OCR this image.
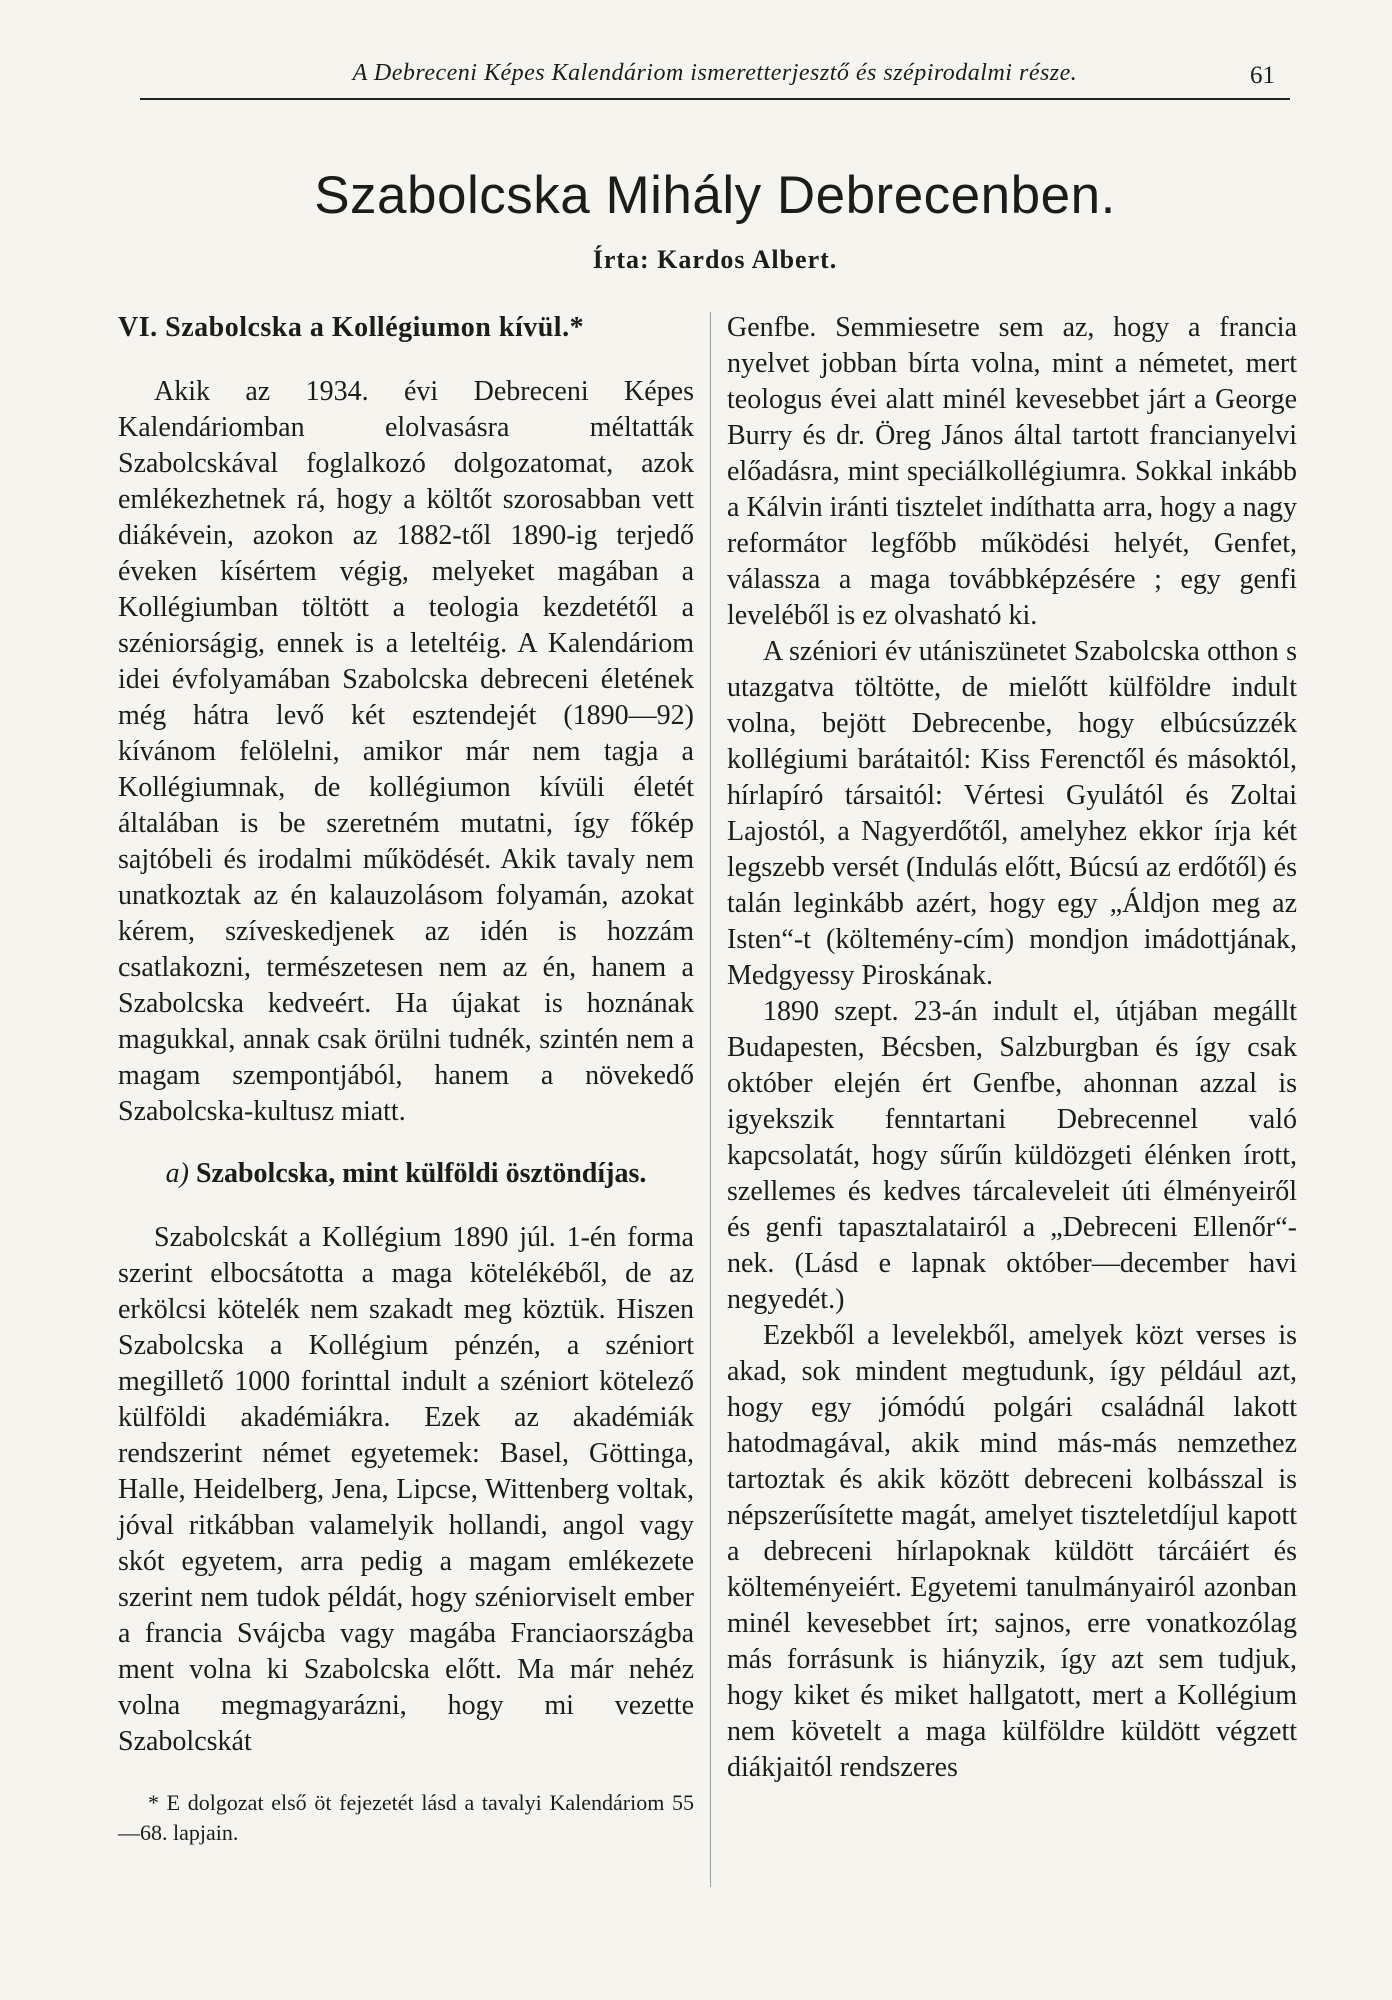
A Debreceni Képes Kalendáriom ismeretterjesztő és szépirodalmi része.	61
Szabolcska Mihály Debrecenben.
Írta: Kardos Albert.
VI. Szabolcska a Kollégiumon kívül.*

Akik az 1934. évi Debreceni Képes Kalendáriomban elolvasásra méltatták Szabolcskával foglalkozó dolgozatomat, azok emlékezhetnek rá, hogy a költőt szorosabban vett diákévein, azokon az 1882-től 1890-ig terjedő éveken kísértem végig, melyeket magában a Kollégiumban töltött a teologia kezdetétől a széniorságig, ennek is a leteltéig. A Kalendáriom idei évfolyamában Szabolcska debreceni életének még hátra levő két esztendejét (1890—92) kívánom felölelni, amikor már nem tagja a Kollégiumnak, de kollégiumon kívüli életét általában is be szeretném mutatni, így főkép sajtóbeli és irodalmi működését. Akik tavaly nem unatkoztak az én kalauzolásom folyamán, azokat kérem, szíveskedjenek az idén is hozzám csatlakozni, természetesen nem az én, hanem a Szabolcska kedveért. Ha újakat is hoznának magukkal, annak csak örülni tudnék, szintén nem a magam szempontjából, hanem a növekedő Szabolcska-kultusz miatt.

a) Szabolcska, mint külföldi ösztöndíjas.

Szabolcskát a Kollégium 1890 júl. 1-én forma szerint elbocsátotta a maga kötelékéből, de az erkölcsi kötelék nem szakadt meg köztük. Hiszen Szabolcska a Kollégium pénzén, a széniort megillető 1000 forinttal indult a széniort kötelező külföldi akadémiákra. Ezek az akadémiák rendszerint német egyetemek: Basel, Göttinga, Halle, Heidelberg, Jena, Lipcse, Wittenberg voltak, jóval ritkábban valamelyik hollandi, angol vagy skót egyetem, arra pedig a magam emlékezete szerint nem tudok példát, hogy széniorviselt ember a francia Svájcba vagy magába Franciaországba ment volna ki Szabolcska előtt. Ma már nehéz volna megmagyarázni, hogy mi vezette Szabolcskát

* E dolgozat első öt fejezetét lásd a tavalyi Kalendáriom 55—68. lapjain.

Genfbe. Semmiesetre sem az, hogy a francia nyelvet jobban bírta volna, mint a németet, mert teologus évei alatt minél kevesebbet járt a George Burry és dr. Öreg János által tartott francianyelvi előadásra, mint speciálkollégiumra. Sokkal inkább a Kálvin iránti tisztelet indíthatta arra, hogy a nagy reformátor legfőbb működési helyét, Genfet, válassza a maga továbbképzésére ; egy genfi leveléből is ez olvasható ki.

A széniori év utániszünetet Szabolcska otthon s utazgatva töltötte, de mielőtt külföldre indult volna, bejött Debrecenbe, hogy elbúcsúzzék kollégiumi barátaitól: Kiss Ferenctől és másoktól, hírlapíró társaitól: Vértesi Gyulától és Zoltai Lajostól, a Nagyerdőtől, amelyhez ekkor írja két legszebb versét (Indulás előtt, Búcsú az erdőtől) és talán leginkább azért, hogy egy „Áldjon meg az Isten“-t (költemény-cím) mondjon imádottjának, Medgyessy Piroskának.

1890 szept. 23-án indult el, útjában megállt Budapesten, Bécsben, Salzburgban és így csak október elején ért Genfbe, ahonnan azzal is igyekszik fenntartani Debrecennel való kapcsolatát, hogy sűrűn küldözgeti élénken írott, szellemes és kedves tárcaleveleit úti élményeiről és genfi tapasztalatairól a „Debreceni Ellenőr“-nek. (Lásd e lapnak október—december havi negyedét.)

Ezekből a levelekből, amelyek közt verses is akad, sok mindent megtudunk, így például azt, hogy egy jómódú polgári családnál lakott hatodmagával, akik mind más-más nemzethez tartoztak és akik között debreceni kolbásszal is népszerűsítette magát, amelyet tiszteletdíjul kapott a debreceni hírlapoknak küldött tárcáiért és költeményeiért. Egyetemi tanulmányairól azonban minél kevesebbet írt; sajnos, erre vonatkozólag más forrásunk is hiányzik, így azt sem tudjuk, hogy kiket és miket hallgatott, mert a Kollégium nem követelt a maga külföldre küldött végzett diákjaitól rendszeres
